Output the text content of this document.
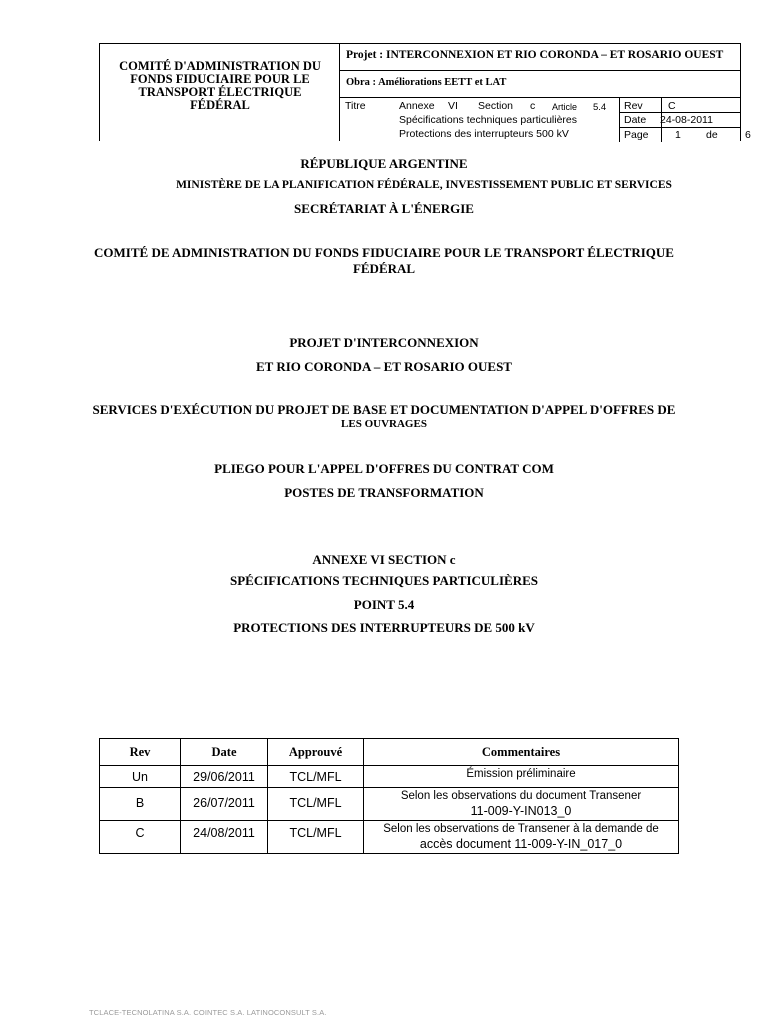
COMITÉ D'ADMINISTRATION DU
FONDS FIDUCIAIRE POUR LE
TRANSPORT ÉLECTRIQUE
FÉDÉRAL
Projet : INTERCONNEXION ET RIO CORONDA – ET ROSARIO OUEST
Obra : Améliorations EETT et LAT
Titre	Annexe VI Section c Article 5.4
Spécifications techniques particulières
Protections des interrupteurs 500 kV
Rev C
Date 24-08-2011
Page	1 de	6
RÉPUBLIQUE ARGENTINE
MINISTÈRE DE LA PLANIFICATION FÉDÉRALE, INVESTISSEMENT PUBLIC ET SERVICES
SECRÉTARIAT À L'ÉNERGIE
COMITÉ DE ADMINISTRATION DU FONDS FIDUCIAIRE POUR LE TRANSPORT ÉLECTRIQUE
FÉDÉRAL
PROJET D'INTERCONNEXION
ET RIO CORONDA – ET ROSARIO OUEST
SERVICES D'EXÉCUTION DU PROJET DE BASE ET DOCUMENTATION D'APPEL D'OFFRES DE
LES OUVRAGES
PLIEGO POUR L'APPEL D'OFFRES DU CONTRAT COM
POSTES DE TRANSFORMATION
ANNEXE VI SECTION c
SPÉCIFICATIONS TECHNIQUES PARTICULIÈRES
POINT 5.4
PROTECTIONS DES INTERRUPTEURS DE 500 kV
Rev	Date	Approuvé	Commentaires
Un	29/06/2011	TCL/MFL	Émission préliminaire

B	26/07/2011	TCL/MFL	Selon les observations du document Transener
11-009-Y-IN013_0

C	24/08/2011	TCL/MFL	Selon les observations de Transener à la demande de
accès document 11-009-Y-IN_017_0
TCLACE-TECNOLATINA S.A. COINTEC S.A. LATINOCONSULT S.A.
